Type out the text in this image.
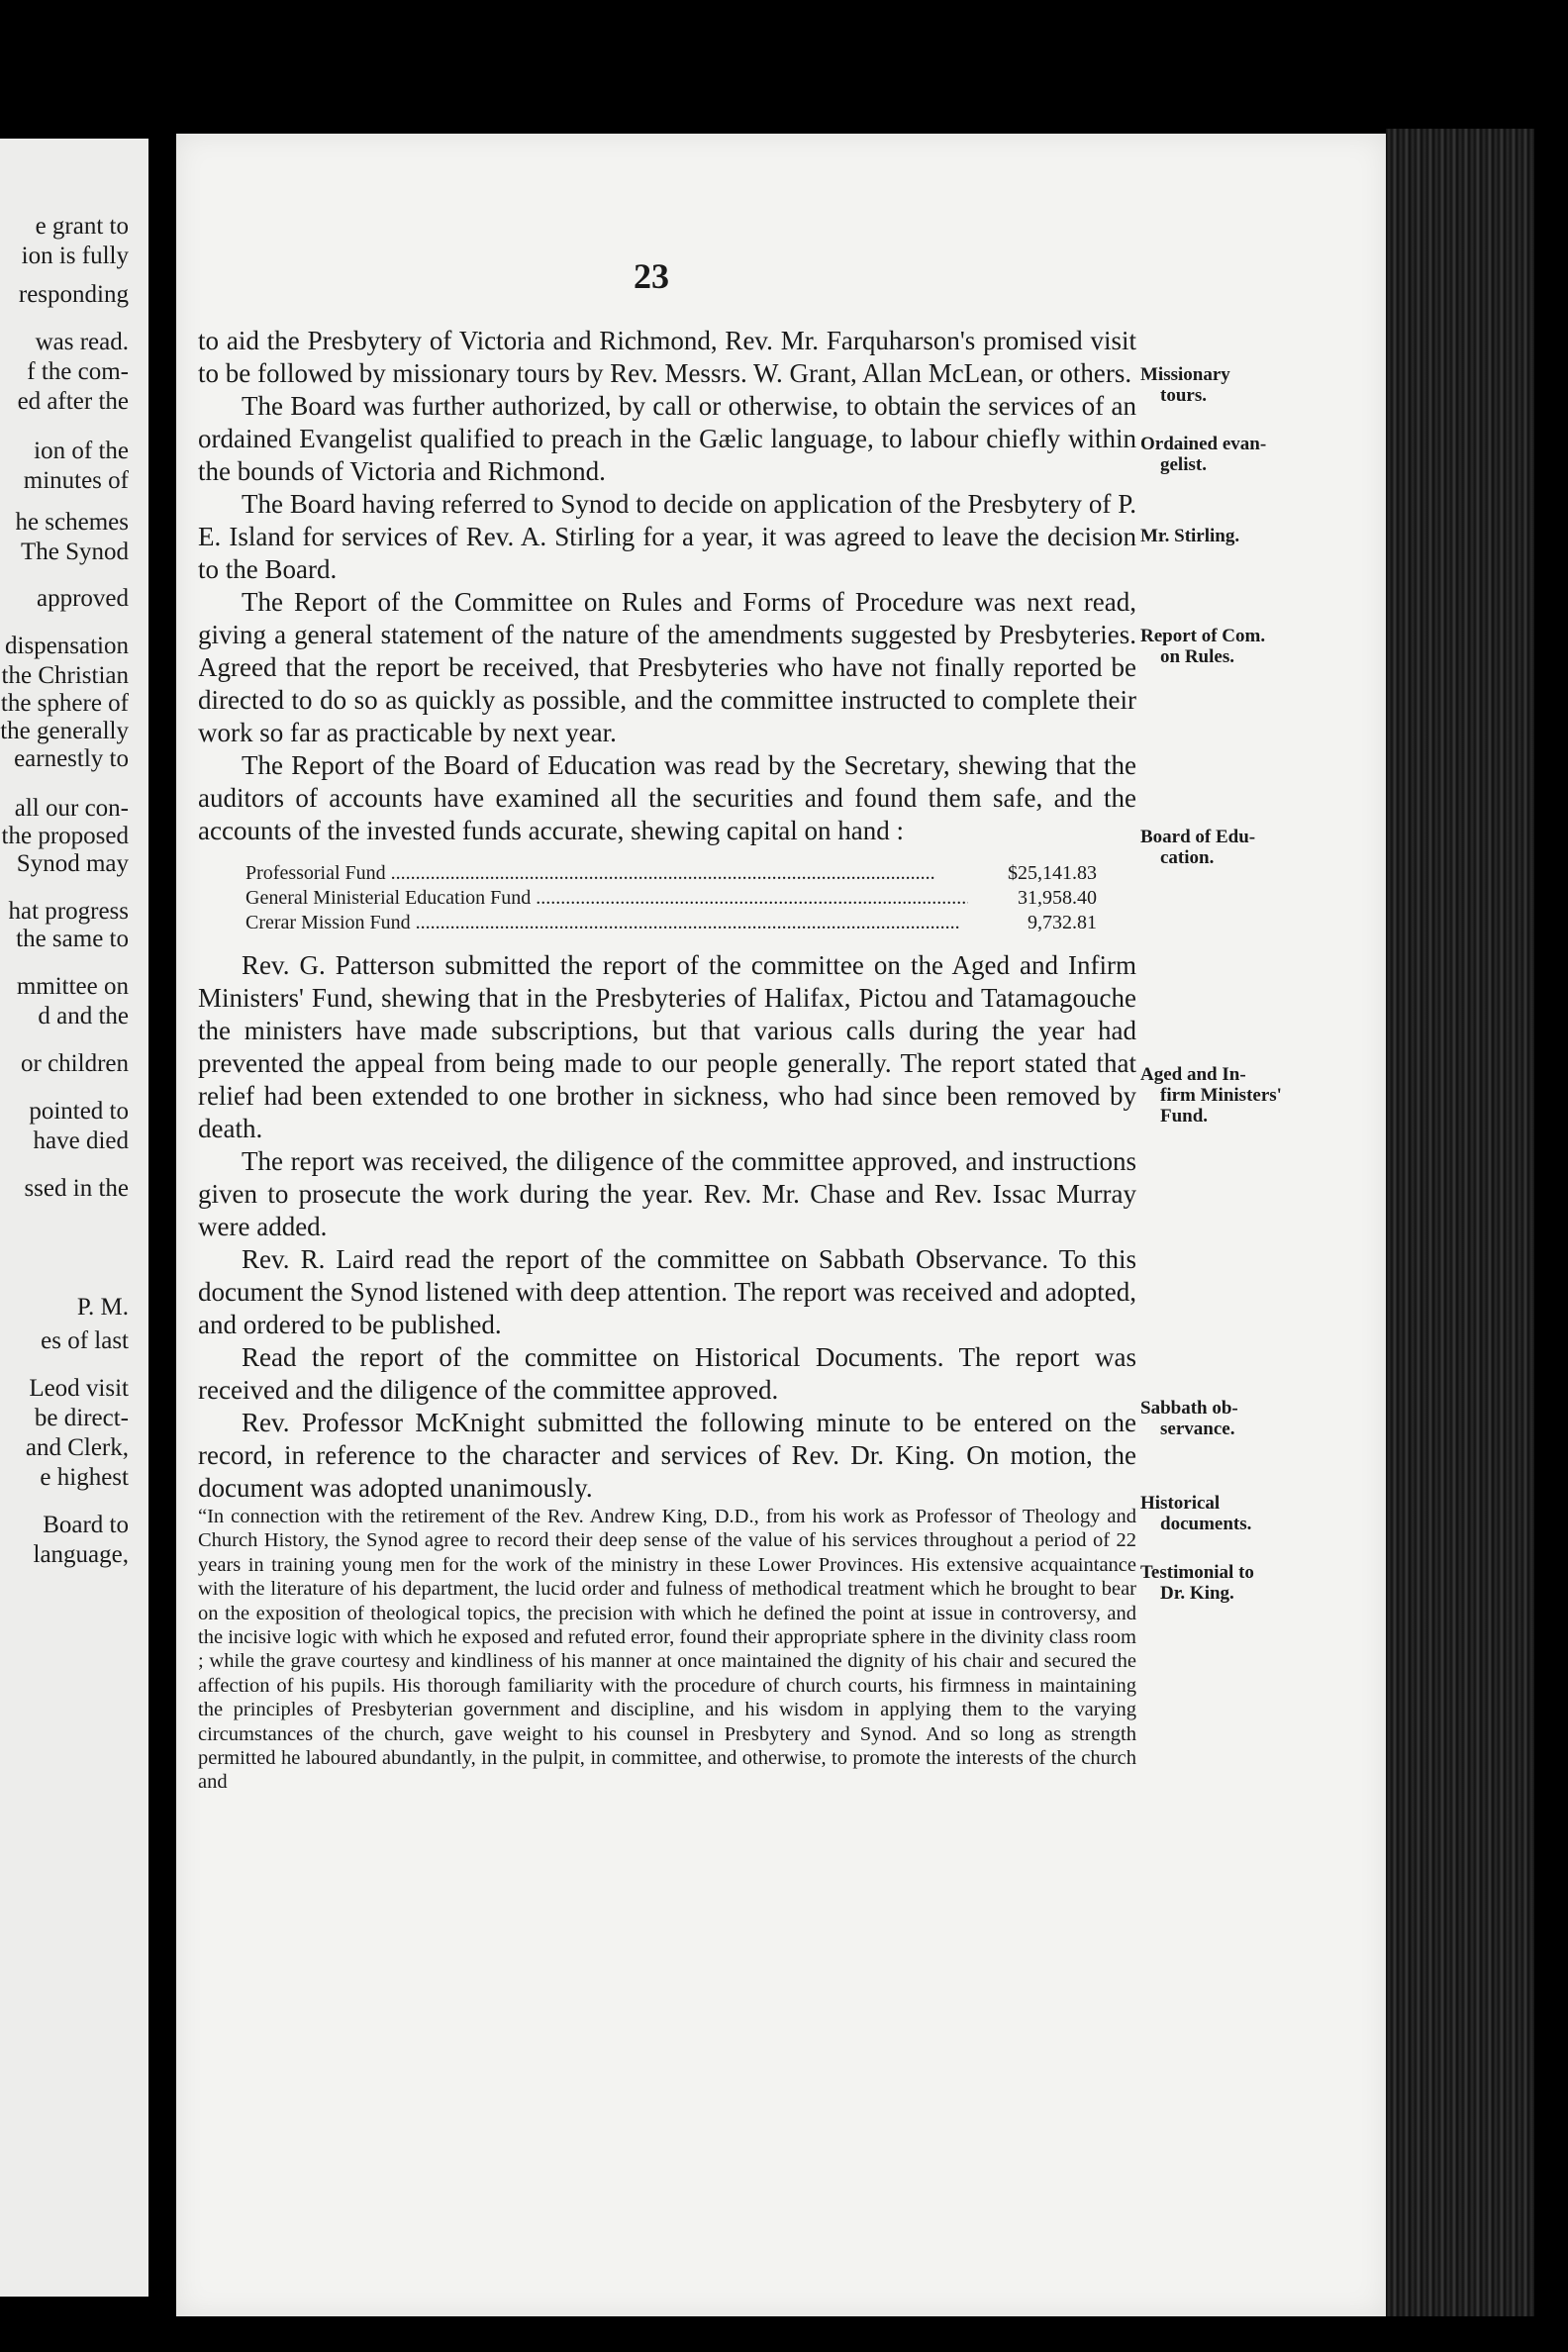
e grant to
ion is fully
responding
was read.
f the com-
ed after the
ion of the
minutes of
he schemes
The Synod
approved
dispensation
the Christian
the sphere of
the generally
earnestly to
all our con-
the proposed
Synod may
hat progress
the same to
mmittee on
d and the
or children
pointed to
have died
ssed in the
P. M.
es of last
Leod visit
be direct-
and Clerk,
e highest
Board to
language,
23

to aid the Presbytery of Victoria and Richmond, Rev. Mr. Farquharson's promised visit to be followed by missionary tours by Rev. Messrs. W. Grant, Allan McLean, or others.

The Board was further authorized, by call or otherwise, to obtain the services of an ordained Evangelist qualified to preach in the Gælic language, to labour chiefly within the bounds of Victoria and Richmond.

The Board having referred to Synod to decide on application of the Presbytery of P. E. Island for services of Rev. A. Stirling for a year, it was agreed to leave the decision to the Board.

The Report of the Committee on Rules and Forms of Procedure was next read, giving a general statement of the nature of the amendments suggested by Presbyteries. Agreed that the report be received, that Presbyteries who have not finally reported be directed to do so as quickly as possible, and the committee instructed to complete their work so far as practicable by next year.

The Report of the Board of Education was read by the Secretary, shewing that the auditors of accounts have examined all the securities and found them safe, and the accounts of the invested funds accurate, shewing capital on hand :

Professorial Fund .....	$25,141.83
General Ministerial Education Fund .....	31,958.40
Crerar Mission Fund .....	9,732.81

Rev. G. Patterson submitted the report of the committee on the Aged and Infirm Ministers' Fund, shewing that in the Presbyteries of Halifax, Pictou and Tatamagouche the ministers have made subscriptions, but that various calls during the year had prevented the appeal from being made to our people generally. The report stated that relief had been extended to one brother in sickness, who had since been removed by death.

The report was received, the diligence of the committee approved, and instructions given to prosecute the work during the year. Rev. Mr. Chase and Rev. Issac Murray were added.

Rev. R. Laird read the report of the committee on Sabbath Observance. To this document the Synod listened with deep attention. The report was received and adopted, and ordered to be published.

Read the report of the committee on Historical Documents. The report was received and the diligence of the committee approved.

Rev. Professor McKnight submitted the following minute to be entered on the record, in reference to the character and services of Rev. Dr. King. On motion, the document was adopted unanimously.

“In connection with the retirement of the Rev. Andrew King, D.D., from his work as Professor of Theology and Church History, the Synod agree to record their deep sense of the value of his services throughout a period of 22 years in training young men for the work of the ministry in these Lower Provinces. His extensive acquaintance with the literature of his department, the lucid order and fulness of methodical treatment which he brought to bear on the exposition of theological topics, the precision with which he defined the point at issue in controversy, and the incisive logic with which he exposed and refuted error, found their appropriate sphere in the divinity class room ; while the grave courtesy and kindliness of his manner at once maintained the dignity of his chair and secured the affection of his pupils. His thorough familiarity with the procedure of church courts, his firmness in maintaining the principles of Presbyterian government and discipline, and his wisdom in applying them to the varying circumstances of the church, gave weight to his counsel in Presbytery and Synod. And so long as strength permitted he laboured abundantly, in the pulpit, in committee, and otherwise, to promote the interests of the church and

Missionary
tours.
Ordained evan-
gelist.
Mr. Stirling.
Report of Com.
on Rules.
Board of Edu-
cation.
Aged and In-
firm Ministers' Fund.
Sabbath ob-
servance.
Historical
documents.
Testimonial to
Dr. King.
